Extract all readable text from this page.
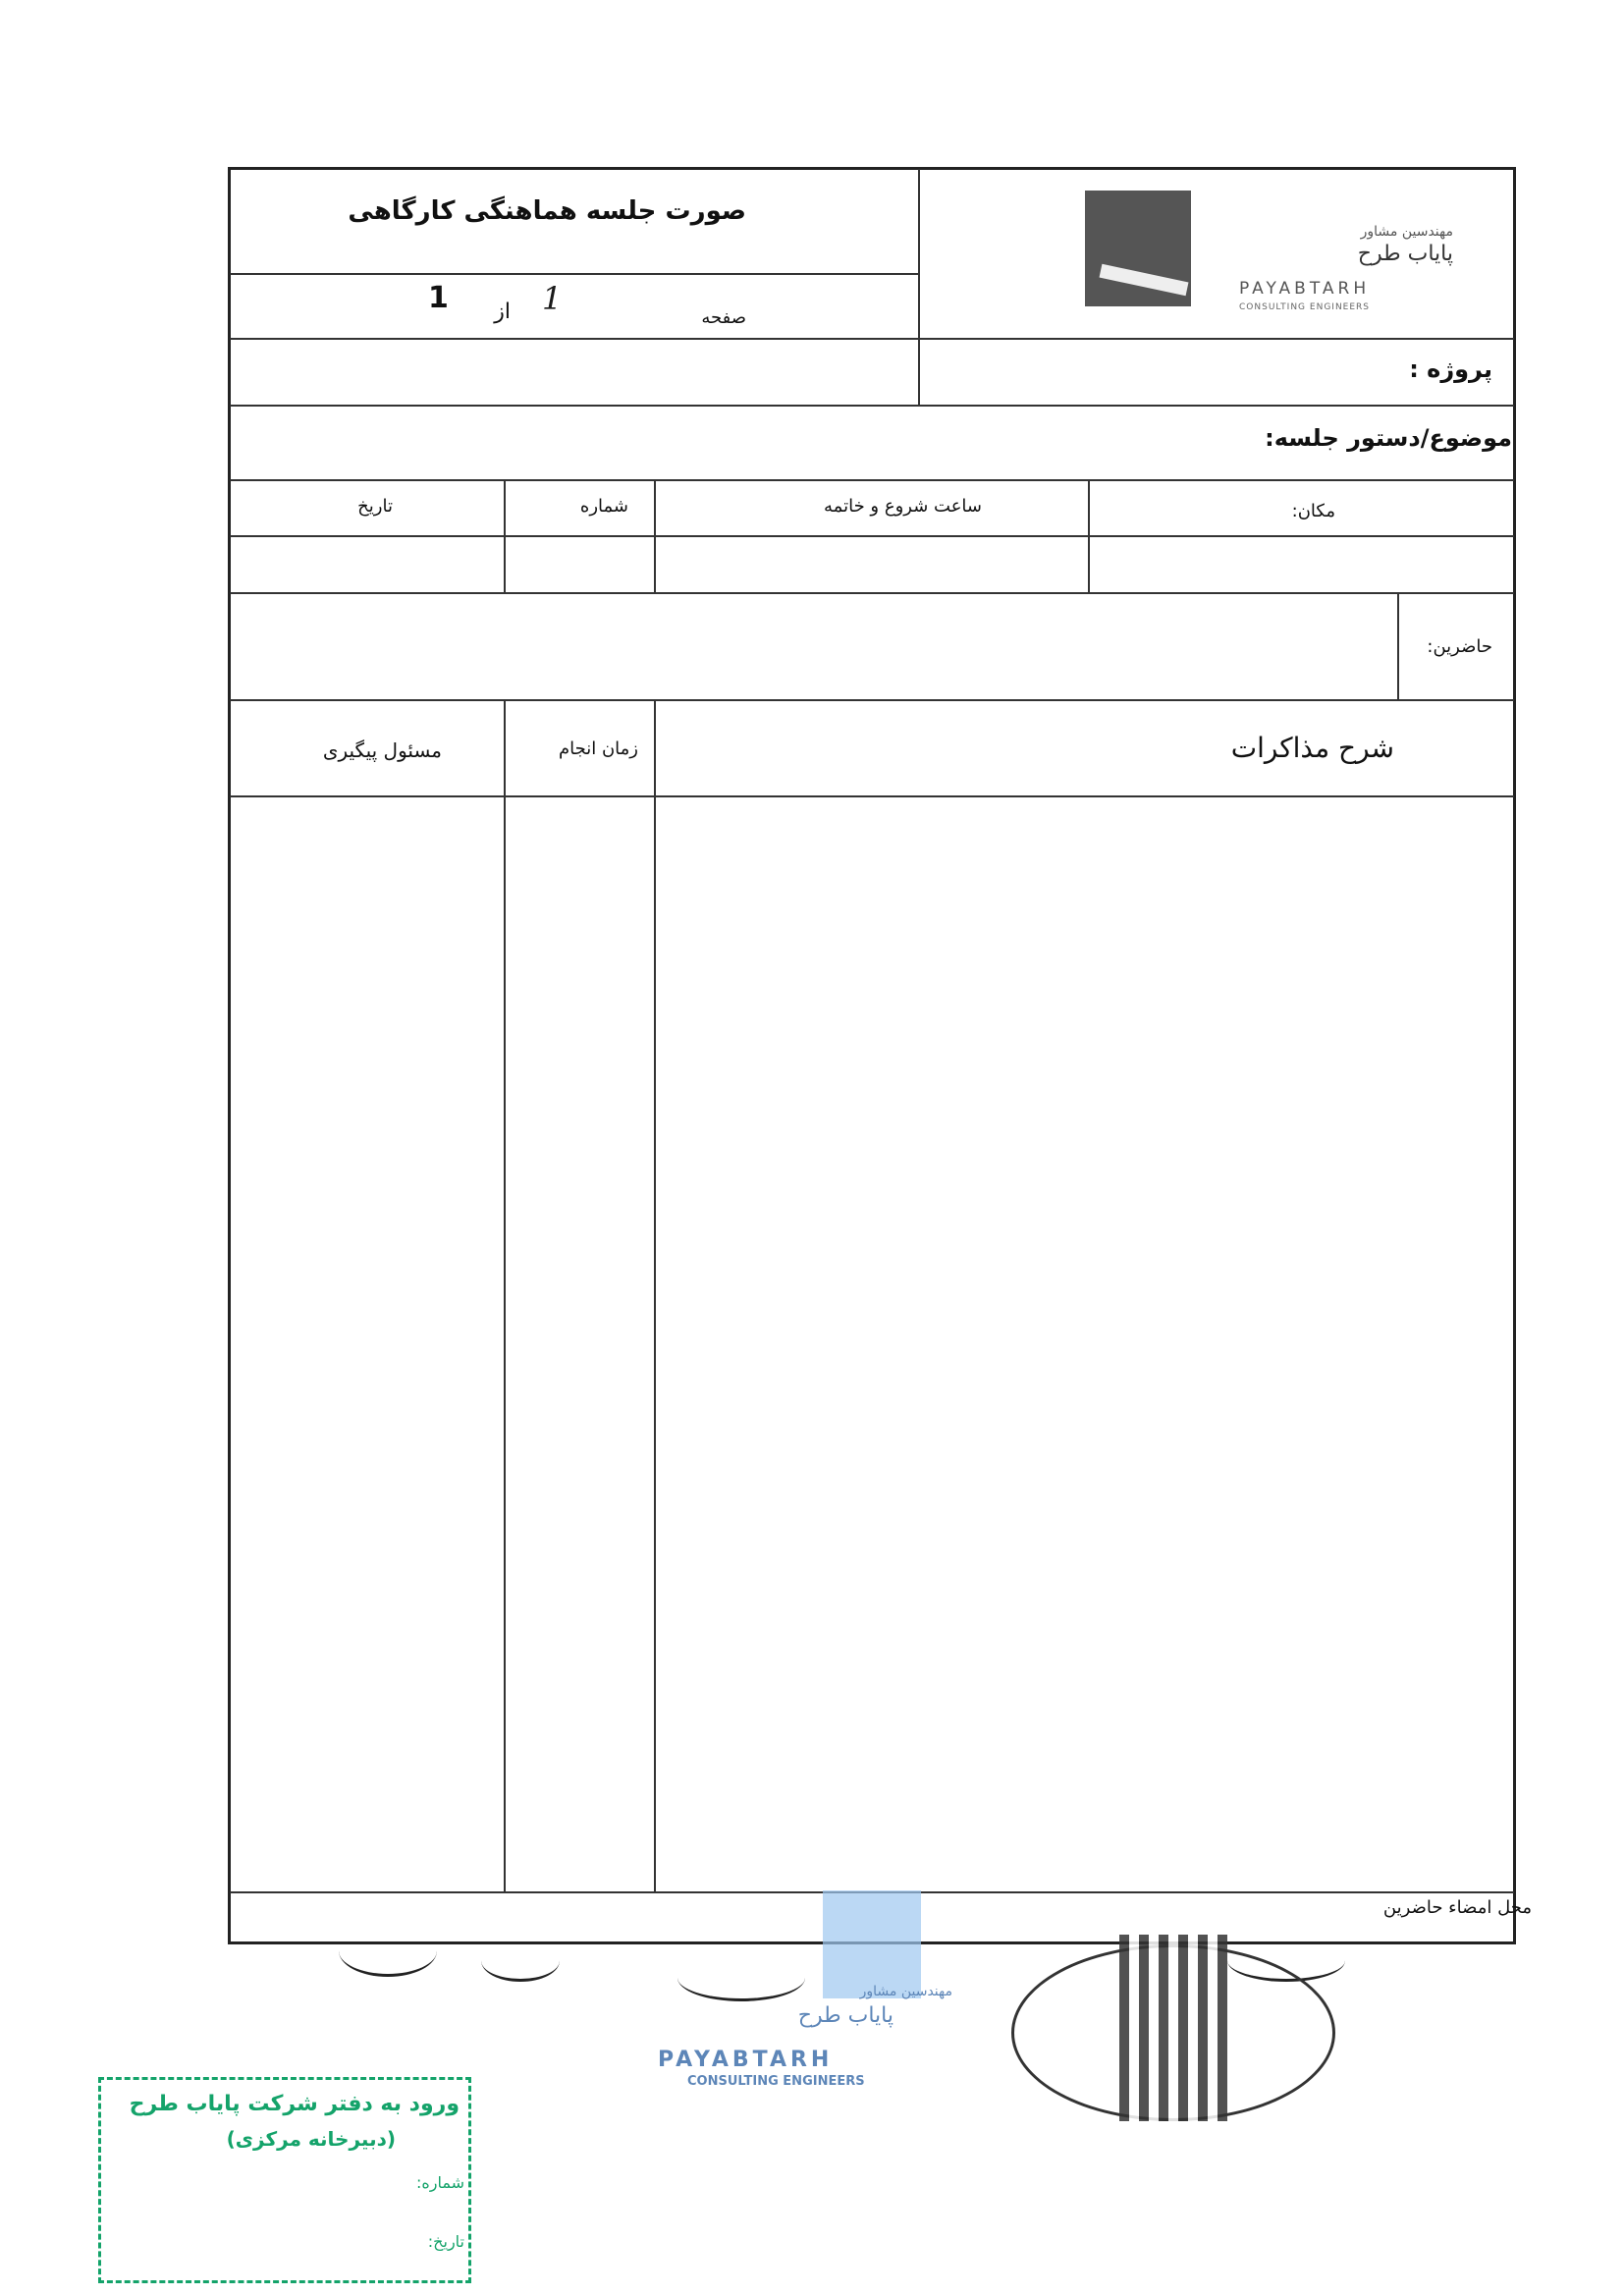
صورت جلسه هماهنگی کارگاهی
صفحه
1
از
1
مهندسین مشاور
پایاب طرح
PAYABTARH
CONSULTING ENGINEERS
پروژه :
موضوع/دستور جلسه:
تاریخ	شماره	ساعت شروع و خاتمه	مکان:
حاضرین:
مسئول پیگیری	زمان انجام	شرح مذاکرات
محل امضاء حاضرین
مهندسین مشاور
پایاب طرح
PAYABTARH
CONSULTING ENGINEERS
ورود به دفتر شرکت پایاب طرح
(دبیرخانه مرکزی)
شماره:
تاریخ:
